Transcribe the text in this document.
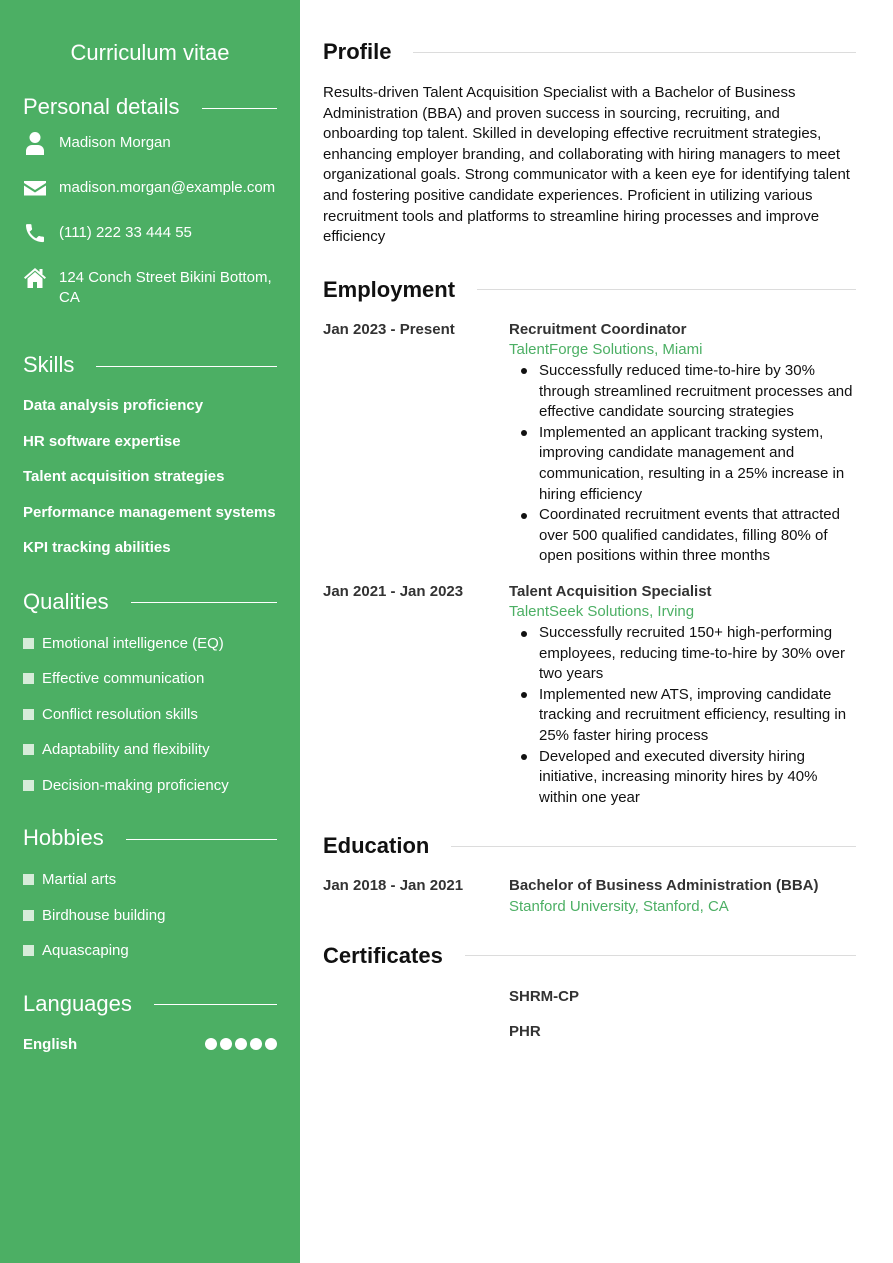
Curriculum vitae
Personal details
Madison Morgan
madison.morgan@example.com
(111) 222 33 444 55
124 Conch Street Bikini Bottom, CA
Skills
Data analysis proficiency
HR software expertise
Talent acquisition strategies
Performance management systems
KPI tracking abilities
Qualities
Emotional intelligence (EQ)
Effective communication
Conflict resolution skills
Adaptability and flexibility
Decision-making proficiency
Hobbies
Martial arts
Birdhouse building
Aquascaping
Languages
English
Profile

Results-driven Talent Acquisition Specialist with a Bachelor of Business Administration (BBA) and proven success in sourcing, recruiting, and onboarding top talent. Skilled in developing effective recruitment strategies, enhancing employer branding, and collaborating with hiring managers to meet organizational goals. Strong communicator with a keen eye for identifying talent and fostering positive candidate experiences. Proficient in utilizing various recruitment tools and platforms to streamline hiring processes and improve efficiency

Employment
Jan 2023 - Present	Recruitment Coordinator
TalentForge Solutions, Miami
Successfully reduced time-to-hire by 30% through streamlined recruitment processes and effective candidate sourcing strategies
Implemented an applicant tracking system, improving candidate management and communication, resulting in a 25% increase in hiring efficiency
Coordinated recruitment events that attracted over 500 qualified candidates, filling 80% of open positions within three months
Jan 2021 - Jan 2023	Talent Acquisition Specialist
TalentSeek Solutions, Irving
Successfully recruited 150+ high-performing employees, reducing time-to-hire by 30% over two years
Implemented new ATS, improving candidate tracking and recruitment efficiency, resulting in 25% faster hiring process
Developed and executed diversity hiring initiative, increasing minority hires by 40% within one year
Education
Jan 2018 - Jan 2021	Bachelor of Business Administration (BBA)
Stanford University, Stanford, CA
Certificates
SHRM-CP
PHR
